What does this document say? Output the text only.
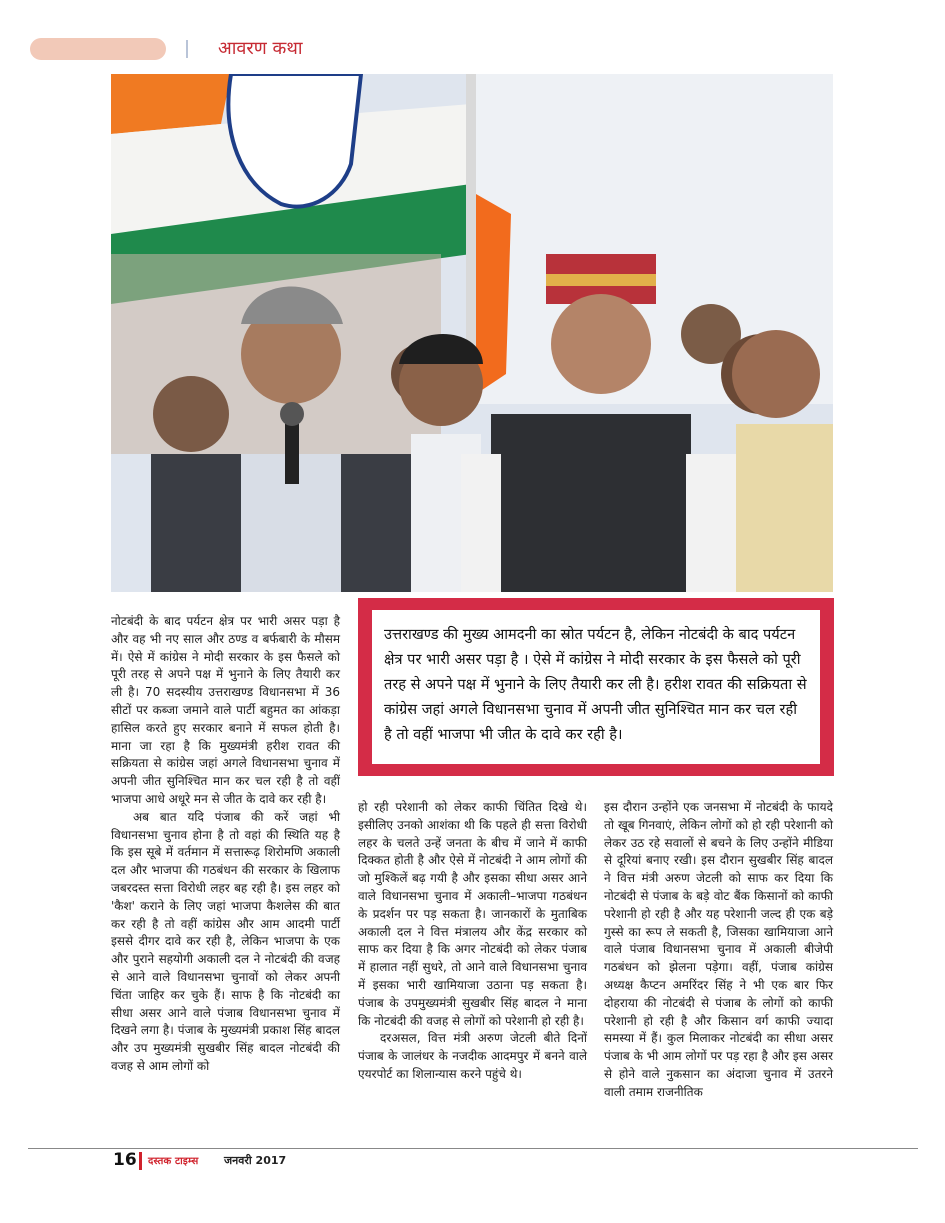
आवरण कथा

नोटबंदी के बाद पर्यटन क्षेत्र पर भारी असर पड़ा है और वह भी नए साल और ठण्ड व बर्फबारी के मौसम में। ऐसे में कांग्रेस ने मोदी सरकार के इस फैसले को पूरी तरह से अपने पक्ष में भुनाने के लिए तैयारी कर ली है। 70 सदस्यीय उत्तराखण्ड विधानसभा में 36 सीटों पर कब्जा जमाने वाले पार्टी बहुमत का आंकड़ा हासिल करते हुए सरकार बनाने में सफल होती है। माना जा रहा है कि मुख्यमंत्री हरीश रावत की सक्रियता से कांग्रेस जहां अगले विधानसभा चुनाव में अपनी जीत सुनिश्चित मान कर चल रही है तो वहीं भाजपा आधे अधूरे मन से जीत के दावे कर रही है।

अब बात यदि पंजाब की करें जहां भी विधानसभा चुनाव होना है तो वहां की स्थिति यह है कि इस सूबे में वर्तमान में सत्तारूढ़ शिरोमणि अकाली दल और भाजपा की गठबंधन की सरकार के खिलाफ जबरदस्त सत्ता विरोधी लहर बह रही है। इस लहर को 'कैश' कराने के लिए जहां भाजपा कैशलेस की बात कर रही है तो वहीं कांग्रेस और आम आदमी पार्टी इससे दीगर दावे कर रही है, लेकिन भाजपा के एक और पुराने सहयोगी अकाली दल ने नोटबंदी की वजह से आने वाले विधानसभा चुनावों को लेकर अपनी चिंता जाहिर कर चुके हैं। साफ है कि नोटबंदी का सीधा असर आने वाले पंजाब विधानसभा चुनाव में दिखने लगा है। पंजाब के मुख्यमंत्री प्रकाश सिंह बादल और उप मुख्यमंत्री सुखबीर सिंह बादल नोटबंदी की वजह से आम लोगों को

उत्तराखण्ड की मुख्य आमदनी का स्रोत पर्यटन है, लेकिन नोटबंदी के बाद पर्यटन क्षेत्र पर भारी असर पड़ा है । ऐसे में कांग्रेस ने मोदी सरकार के इस फैसले को पूरी तरह से अपने पक्ष में भुनाने के लिए तैयारी कर ली है। हरीश रावत की सक्रियता से कांग्रेस जहां अगले विधानसभा चुनाव में अपनी जीत सुनिश्चित मान कर चल रही है तो वहीं भाजपा भी जीत के दावे कर रही है।

हो रही परेशानी को लेकर काफी चिंतित दिखे थे। इसीलिए उनको आशंका थी कि पहले ही सत्ता विरोधी लहर के चलते उन्हें जनता के बीच में जाने में काफी दिक्कत होती है और ऐसे में नोटबंदी ने आम लोगों की जो मुश्किलें बढ़ गयी है और इसका सीधा असर आने वाले विधानसभा चुनाव में अकाली–भाजपा गठबंधन के प्रदर्शन पर पड़ सकता है। जानकारों के मुताबिक अकाली दल ने वित्त मंत्रालय और केंद्र सरकार को साफ कर दिया है कि अगर नोटबंदी को लेकर पंजाब में हालात नहीं सुधरे, तो आने वाले विधानसभा चुनाव में इसका भारी खामियाजा उठाना पड़ सकता है। पंजाब के उपमुख्यमंत्री सुखबीर सिंह बादल ने माना कि नोटबंदी की वजह से लोगों को परेशानी हो रही है।

दरअसल, वित्त मंत्री अरुण जेटली बीते दिनों पंजाब के जालंधर के नजदीक आदमपुर में बनने वाले एयरपोर्ट का शिलान्यास करने पहुंचे थे।

इस दौरान उन्होंने एक जनसभा में नोटबंदी के फायदे तो खूब गिनवाएं, लेकिन लोगों को हो रही परेशानी को लेकर उठ रहे सवालों से बचने के लिए उन्होंने मीडिया से दूरियां बनाए रखी। इस दौरान सुखबीर सिंह बादल ने वित्त मंत्री अरुण जेटली को साफ कर दिया कि नोटबंदी से पंजाब के बड़े वोट बैंक किसानों को काफी परेशानी हो रही है और यह परेशानी जल्द ही एक बड़े गुस्से का रूप ले सकती है, जिसका खामियाजा आने वाले पंजाब विधानसभा चुनाव में अकाली बीजेपी गठबंधन को झेलना पड़ेगा। वहीं, पंजाब कांग्रेस अध्यक्ष कैप्टन अमरिंदर सिंह ने भी एक बार फिर दोहराया की नोटबंदी से पंजाब के लोगों को काफी परेशानी हो रही है और किसान वर्ग काफी ज्यादा समस्या में हैं। कुल मिलाकर नोटबंदी का सीधा असर पंजाब के भी आम लोगों पर पड़ रहा है और इस असर से होने वाले नुकसान का अंदाजा चुनाव में उतरने वाली तमाम राजनीतिक

16 दस्तक टाइम्स जनवरी 2017
